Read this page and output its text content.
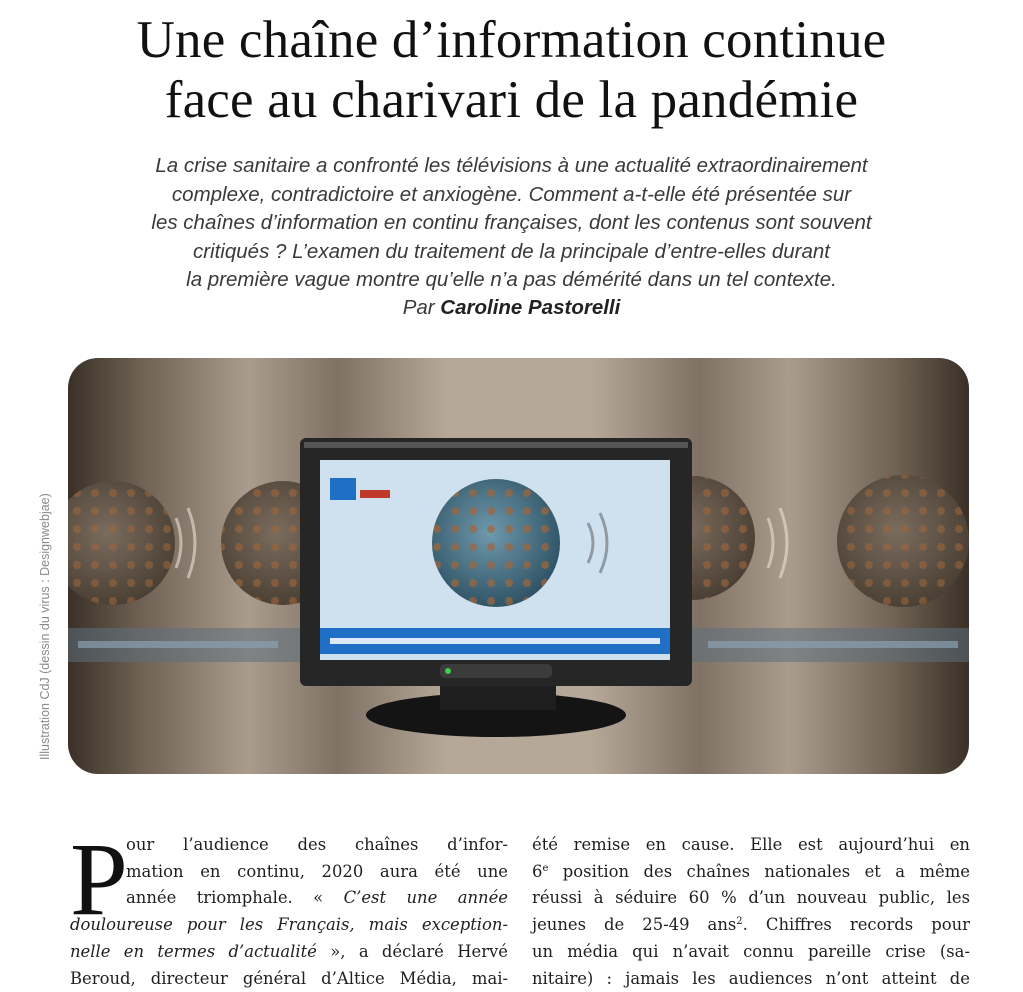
Une chaîne d’information continue
face au charivari de la pandémie

La crise sanitaire a confronté les télévisions à une actualité extraordinairement
complexe, contradictoire et anxiogène. Comment a-t-elle été présentée sur
les chaînes d’information en continu françaises, dont les contenus sont souvent
critiqués ? L’examen du traitement de la principale d’entre-elles durant
la première vague montre qu’elle n’a pas démérité dans un tel contexte.

Par Caroline Pastorelli
Illustration CdJ (dessin du virus : Designwebjae)
P
our l’audience des chaînes d’infor-
mation en continu, 2020 aura été une
année triomphale. « C’est une année
douloureuse pour les Français, mais exception-
nelle en termes d’actualité », a déclaré Hervé
Beroud, directeur général d’Altice Média, mai-
été remise en cause. Elle est aujourd’hui en
6e position des chaînes nationales et a même
réussi à séduire 60 % d’un nouveau public, les
jeunes de 25-49 ans$^2$. Chiffres records pour
un média qui n’avait connu pareille crise (sa-
nitaire) : jamais les audiences n’ont atteint de
